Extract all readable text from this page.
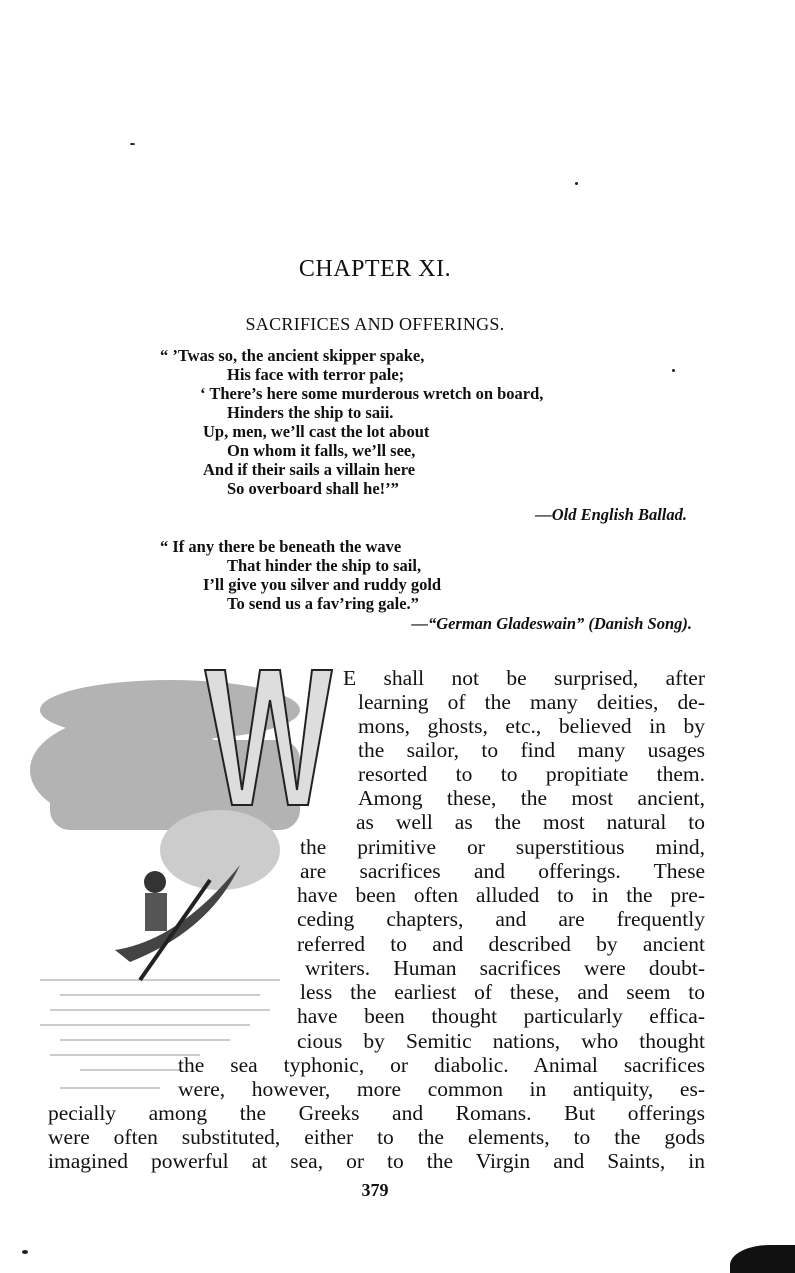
CHAPTER XI.
SACRIFICES AND OFFERINGS.
“ ’Twas so, the ancient skipper spake,
His face with terror pale;
‘ There’s here some murderous wretch on board,
Hinders the ship to saii.
Up, men, we’ll cast the lot about
On whom it falls, we’ll see,
And if their sails a villain here
So overboard shall he!’”
—Old English Ballad.
“ If any there be beneath the wave
That hinder the ship to sail,
I’ll give you silver and ruddy gold
To send us a fav’ring gale.”
—“German Gladeswain” (Danish Song).
W
E shall not be surprised, after
learning of the many deities, de-
mons, ghosts, etc., believed in by
the sailor, to find many usages
resorted to to propitiate them.
Among these, the most ancient,
as well as the most natural to
the primitive or superstitious mind,
are sacrifices and offerings. These
have been often alluded to in the pre-
ceding chapters, and are frequently
referred to and described by ancient
writers. Human sacrifices were doubt-
less the earliest of these, and seem to
have been thought particularly effica-
cious by Semitic nations, who thought
the sea typhonic, or diabolic. Animal sacrifices
were, however, more common in antiquity, es-
pecially among the Greeks and Romans. But offerings
were often substituted, either to the elements, to the gods
imagined powerful at sea, or to the Virgin and Saints, in
379
